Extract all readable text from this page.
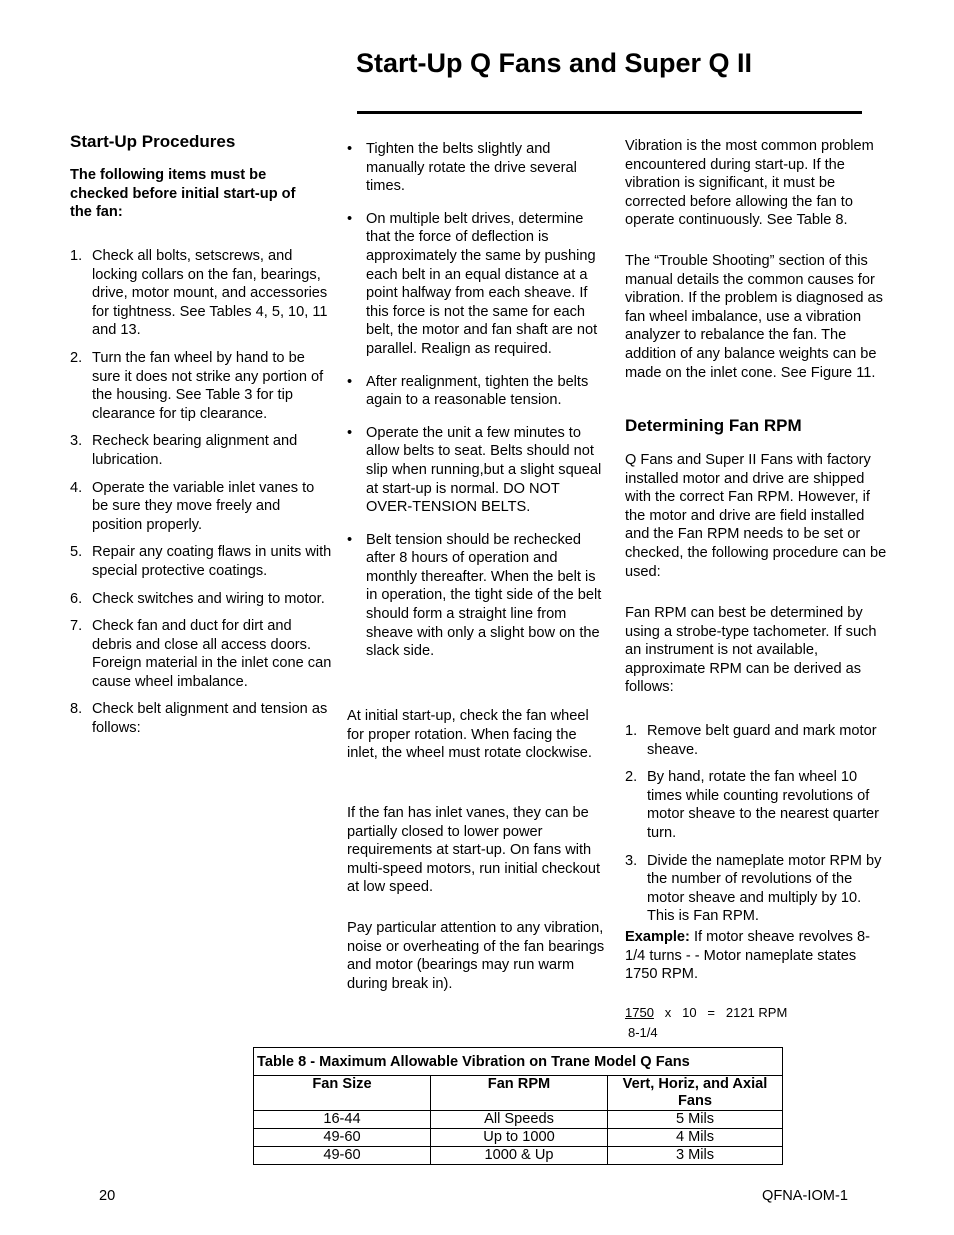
Start-Up Q Fans and Super Q II
Start-Up Procedures

The following items must be checked before initial start-up of the fan:

1. Check all bolts, setscrews, and locking collars on the fan, bearings, drive, motor mount, and accessories for tightness. See Tables 4, 5, 10, 11 and 13.
2. Turn the fan wheel by hand to be sure it does not strike any portion of the housing. See Table 3 for tip clearance for tip clearance.
3. Recheck bearing alignment and lubrication.
4. Operate the variable inlet vanes to be sure they move freely and position properly.
5. Repair any coating flaws in units with special protective coatings.
6. Check switches and wiring to motor.
7. Check fan and duct for dirt and debris and close all access doors. Foreign material in the inlet cone can cause wheel imbalance.
8. Check belt alignment and tension as follows:
• Tighten the belts slightly and manually rotate the drive several times.
• On multiple belt drives, determine that the force of deflection is approximately the same by pushing each belt in an equal distance at a point halfway from each sheave. If this force is not the same for each belt, the motor and fan shaft are not parallel. Realign as required.
• After realignment, tighten the belts again to a reasonable tension.
• Operate the unit a few minutes to allow belts to seat. Belts should not slip when running,but a slight squeal at start-up is normal. DO NOT OVER-TENSION BELTS.
• Belt tension should be rechecked after 8 hours of operation and monthly thereafter. When the belt is in operation, the tight side of the belt should form a straight line from sheave with only a slight bow on the slack side.

At initial start-up, check the fan wheel for proper rotation. When facing the inlet, the wheel must rotate clockwise.

If the fan has inlet vanes, they can be partially closed to lower power requirements at start-up. On fans with multi-speed motors, run initial checkout at low speed.

Pay particular attention to any vibration, noise or overheating of the fan bearings and motor (bearings may run warm during break in).

Vibration is the most common problem encountered during start-up. If the vibration is significant, it must be corrected before allowing the fan to operate continuously. See Table 8.

The “Trouble Shooting” section of this manual details the common causes for vibration. If the problem is diagnosed as fan wheel imbalance, use a vibration analyzer to rebalance the fan. The addition of any balance weights can be made on the inlet cone. See Figure 11.

Determining Fan RPM

Q Fans and Super II Fans with factory installed motor and drive are shipped with the correct Fan RPM. However, if the motor and drive are field installed and the Fan RPM needs to be set or checked, the following procedure can be used:

Fan RPM can best be determined by using a strobe-type tachometer. If such an instrument is not available, approximate RPM can be derived as follows:

1. Remove belt guard and mark motor sheave.
2. By hand, rotate the fan wheel 10 times while counting revolutions of motor sheave to the nearest quarter turn.
3. Divide the nameplate motor RPM by the number of revolutions of the motor sheave and multiply by 10. This is Fan RPM.

Example: If motor sheave revolves 8-1/4 turns - - Motor nameplate states 1750 RPM.

1750 x 10 = 2121 RPM
8-1/4
Table 8 - Maximum Allowable Vibration on Trane Model Q Fans		
Fan Size	Fan RPM	Vert, Horiz, and Axial Fans
16-44	All Speeds	5 Mils
49-60	Up to 1000	4 Mils
49-60	1000 & Up	3 Mils
20	QFNA-IOM-1
